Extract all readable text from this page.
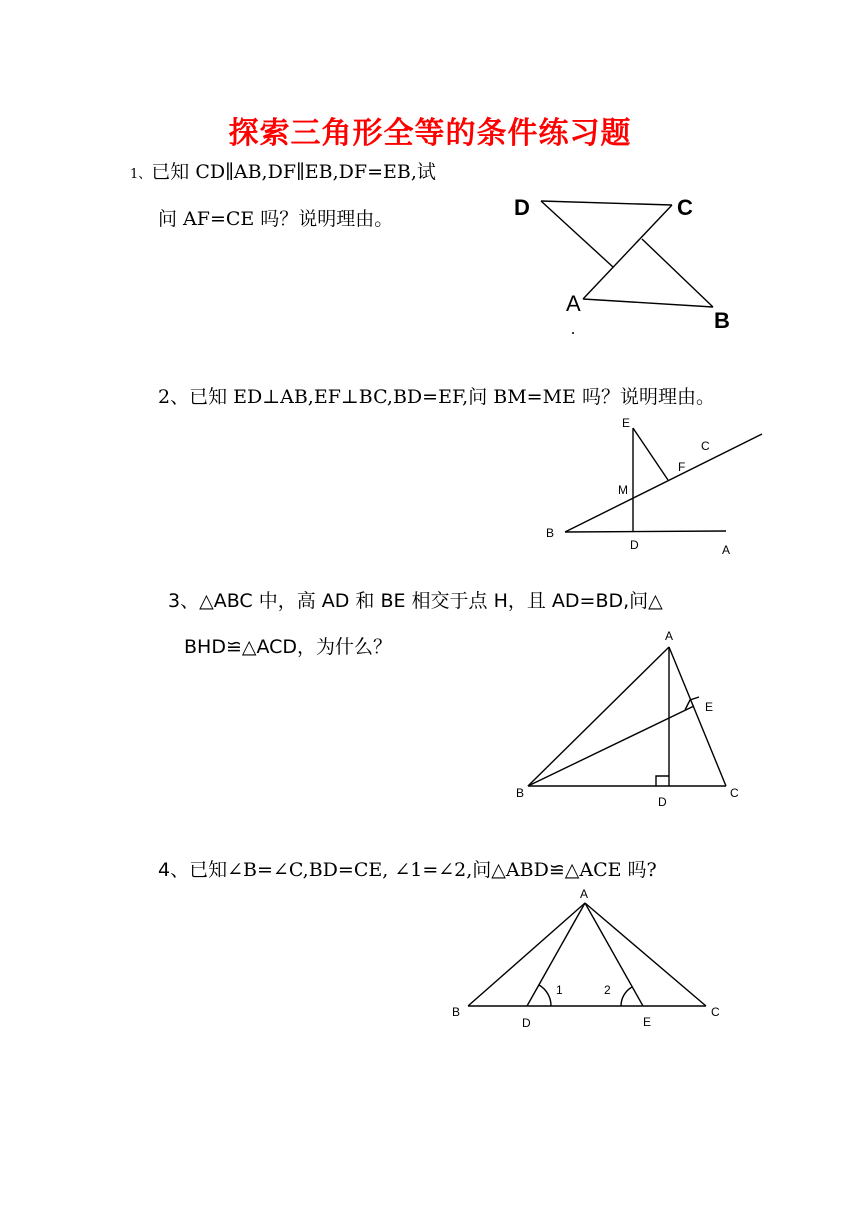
探索三角形全等的条件练习题
1、已知 CD∥AB,DF∥EB,DF=EB,试
问 AF=CE 吗？说明理由。	D	C
A
B
2、已知 ED⊥AB,EF⊥BC,BD=EF,问 BM=ME 吗？说明理由。
E
C
F
M
B
D	A
3、△ABC 中，高 AD 和 BE 相交于点 H，且 AD=BD,问△
BHD≌△ACD，为什么？	A
E
B
D
C
4、已知∠B=∠C,BD=CE, ∠1=∠2,问△ABD≌△ACE 吗?
A
1	2
B
D	E
C
